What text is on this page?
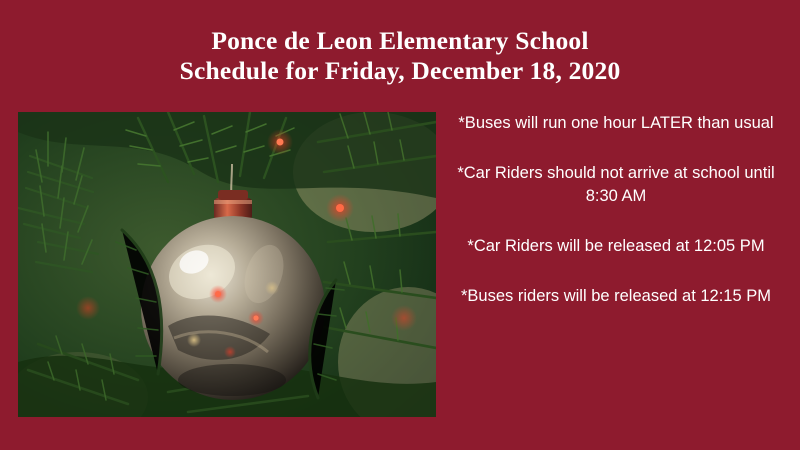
Ponce de Leon Elementary School
Schedule for Friday, December 18, 2020

*Buses will run one hour LATER than usual

*Car Riders should not arrive at school until 8:30 AM

*Car Riders will be released at 12:05 PM

*Buses riders will be released at 12:15 PM
